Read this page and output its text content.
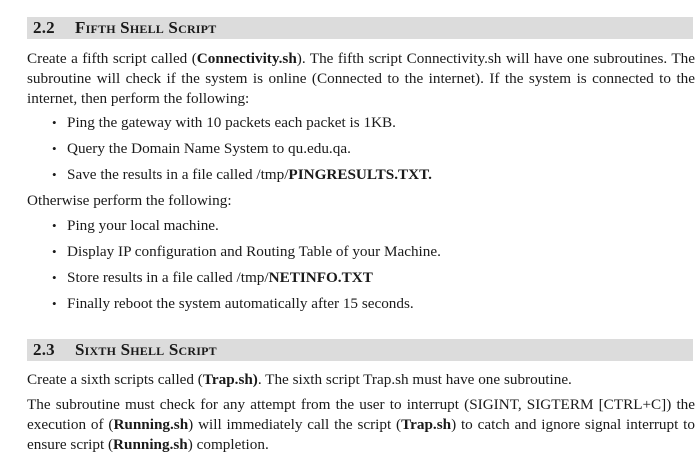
2.2	Fifth Shell Script
Create a fifth script called (Connectivity.sh). The fifth script Connectivity.sh will have one subroutines. The subroutine will check if the system is online (Connected to the internet). If the system is connected to the internet, then perform the following:
• Ping the gateway with 10 packets each packet is 1KB.
• Query the Domain Name System to qu.edu.qa.
• Save the results in a file called /tmp/PINGRESULTS.TXT.
Otherwise perform the following:
• Ping your local machine.
• Display IP configuration and Routing Table of your Machine.
• Store results in a file called /tmp/NETINFO.TXT
• Finally reboot the system automatically after 15 seconds.
2.3	Sixth Shell Script
Create a sixth scripts called (Trap.sh). The sixth script Trap.sh must have one subroutine.
The subroutine must check for any attempt from the user to interrupt (SIGINT, SIGTERM [CTRL+C]) the execution of (Running.sh) will immediately call the script (Trap.sh) to catch and ignore signal interrupt to ensure script (Running.sh) completion.
